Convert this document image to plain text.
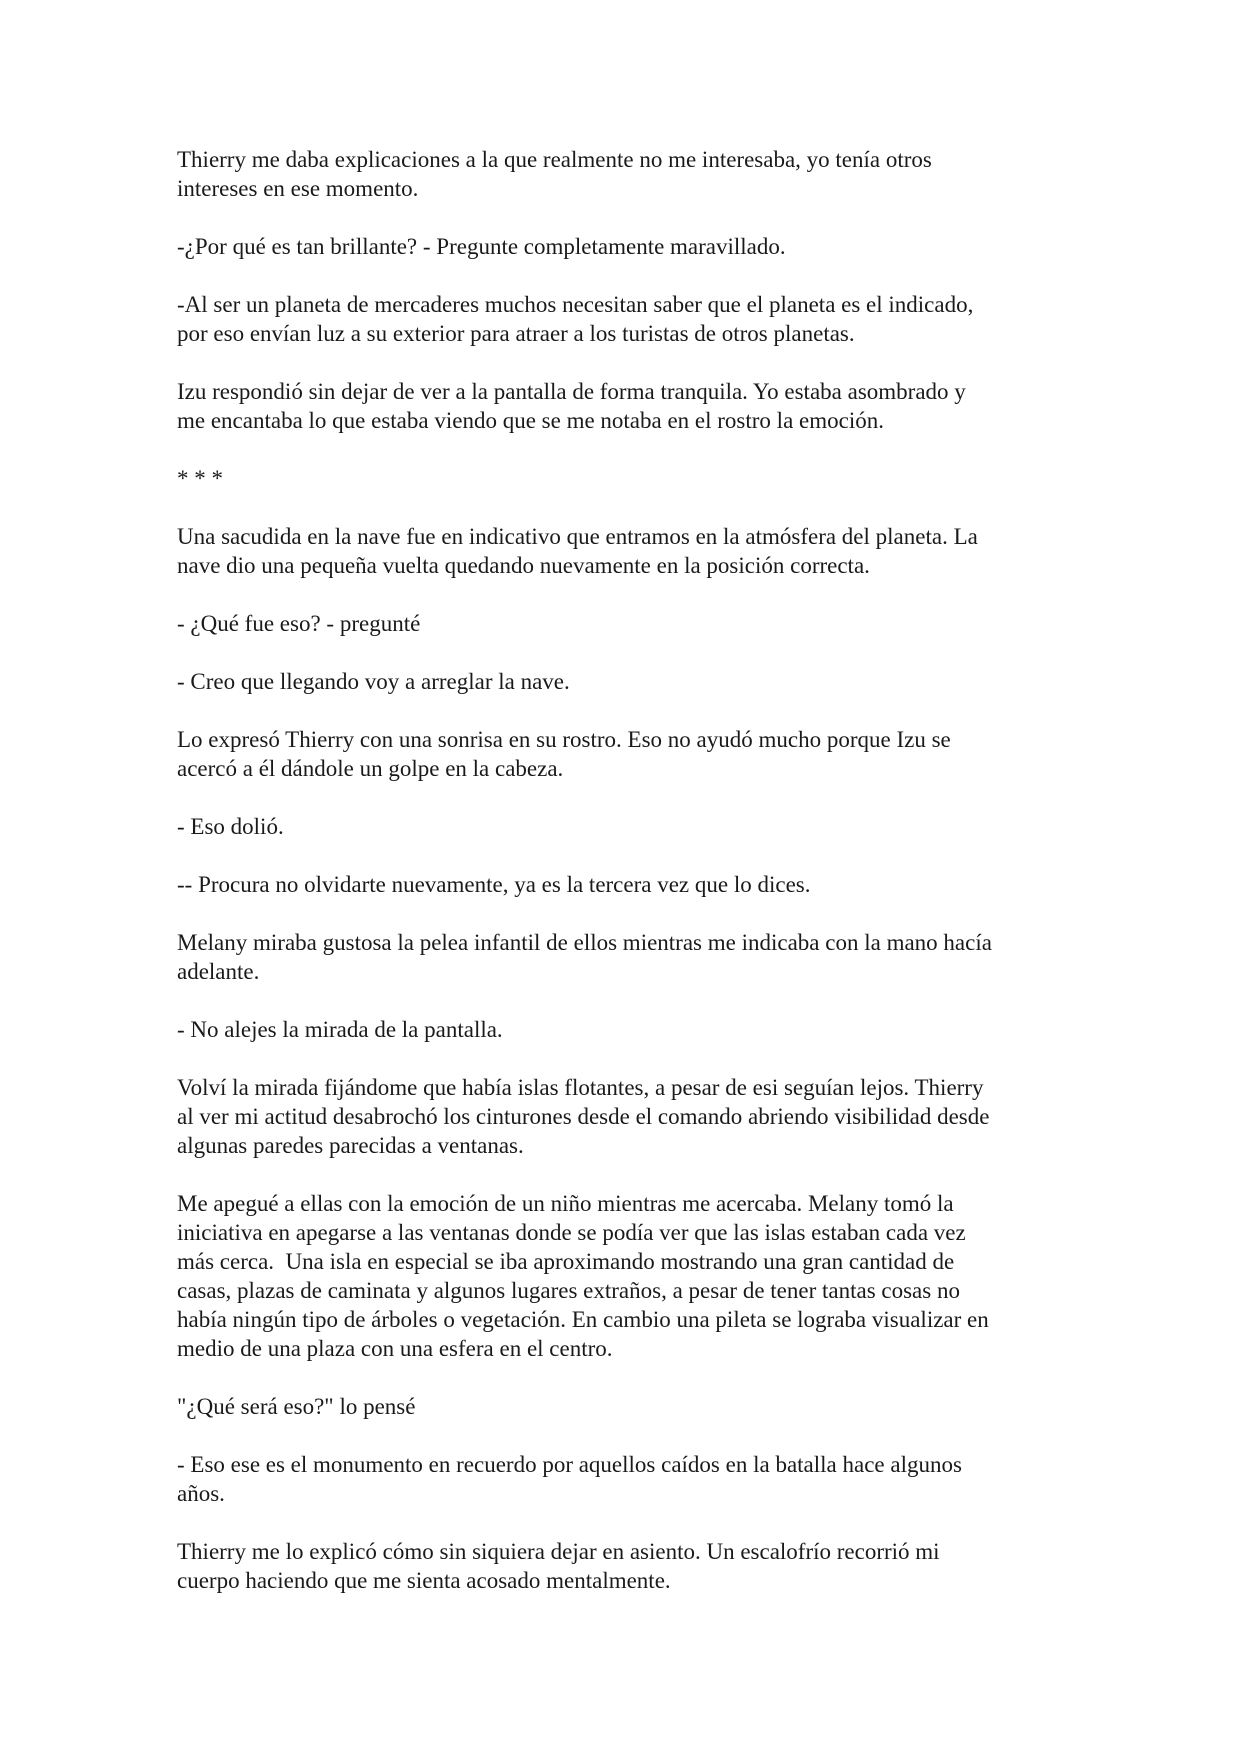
Thierry me daba explicaciones a la que realmente no me interesaba, yo tenía otros
intereses en ese momento.

-¿Por qué es tan brillante? - Pregunte completamente maravillado.

-Al ser un planeta de mercaderes muchos necesitan saber que el planeta es el indicado,
por eso envían luz a su exterior para atraer a los turistas de otros planetas.

Izu respondió sin dejar de ver a la pantalla de forma tranquila. Yo estaba asombrado y
me encantaba lo que estaba viendo que se me notaba en el rostro la emoción.

* * *

Una sacudida en la nave fue en indicativo que entramos en la atmósfera del planeta. La
nave dio una pequeña vuelta quedando nuevamente en la posición correcta.

- ¿Qué fue eso? - pregunté

- Creo que llegando voy a arreglar la nave.

Lo expresó Thierry con una sonrisa en su rostro. Eso no ayudó mucho porque Izu se
acercó a él dándole un golpe en la cabeza.

- Eso dolió.

-- Procura no olvidarte nuevamente, ya es la tercera vez que lo dices.

Melany miraba gustosa la pelea infantil de ellos mientras me indicaba con la mano hacía
adelante.

- No alejes la mirada de la pantalla.

Volví la mirada fijándome que había islas flotantes, a pesar de esi seguían lejos. Thierry
al ver mi actitud desabrochó los cinturones desde el comando abriendo visibilidad desde
algunas paredes parecidas a ventanas.

Me apegué a ellas con la emoción de un niño mientras me acercaba. Melany tomó la
iniciativa en apegarse a las ventanas donde se podía ver que las islas estaban cada vez
más cerca.  Una isla en especial se iba aproximando mostrando una gran cantidad de
casas, plazas de caminata y algunos lugares extraños, a pesar de tener tantas cosas no
había ningún tipo de árboles o vegetación. En cambio una pileta se lograba visualizar en
medio de una plaza con una esfera en el centro.

"¿Qué será eso?" lo pensé

- Eso ese es el monumento en recuerdo por aquellos caídos en la batalla hace algunos
años.

Thierry me lo explicó cómo sin siquiera dejar en asiento. Un escalofrío recorrió mi
cuerpo haciendo que me sienta acosado mentalmente.
